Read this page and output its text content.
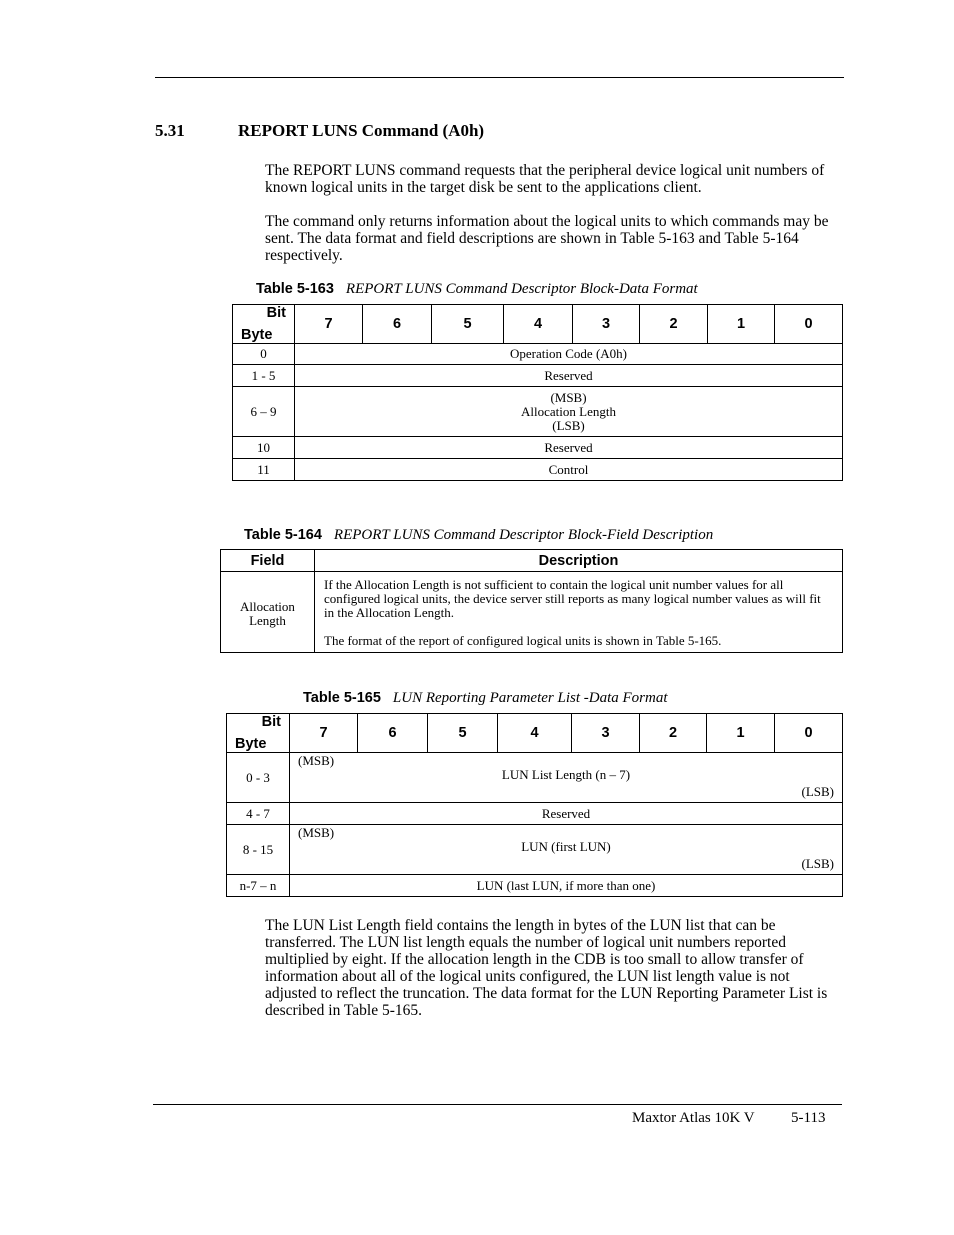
5.31	REPORT LUNS Command (A0h)

The REPORT LUNS command requests that the peripheral device logical unit numbers of known logical units in the target disk be sent to the applications client.

The command only returns information about the logical units to which commands may be sent. The data format and field descriptions are shown in Table 5-163 and Table 5-164 respectively.

Table 5-163 REPORT LUNS Command Descriptor Block-Data Format
Bit
Byte	7	6	5	4	3	2	1	0
0	Operation Code (A0h)							
1 - 5	Reserved							
6 – 9	(MSB)
Allocation Length
(LSB)							

10	Reserved							
11	Control							
Table 5-164 REPORT LUNS Command Descriptor Block-Field Description
Field	Description

Allocation Length	If the Allocation Length is not sufficient to contain the logical unit number values for all configured logical units, the device server still reports as many logical number values as will fit in the Allocation Length.

The format of the report of configured logical units is shown in Table 5-165.

Table 5-165 LUN Reporting Parameter List -Data Format
Bit
Byte	7	6	5	4	3	2	1	0
0 - 3	(MSB)
LUN List Length (n – 7)
(LSB)							

4 - 7	Reserved							
8 - 15	(MSB)
LUN (first LUN)
(LSB)							

n-7 – n	LUN (last LUN, if more than one)							

The LUN List Length field contains the length in bytes of the LUN list that can be transferred. The LUN list length equals the number of logical unit numbers reported multiplied by eight. If the allocation length in the CDB is too small to allow transfer of information about all of the logical units configured, the LUN list length value is not adjusted to reflect the truncation. The data format for the LUN Reporting Parameter List is described in Table 5-165.

Maxtor Atlas 10K V 5-113
